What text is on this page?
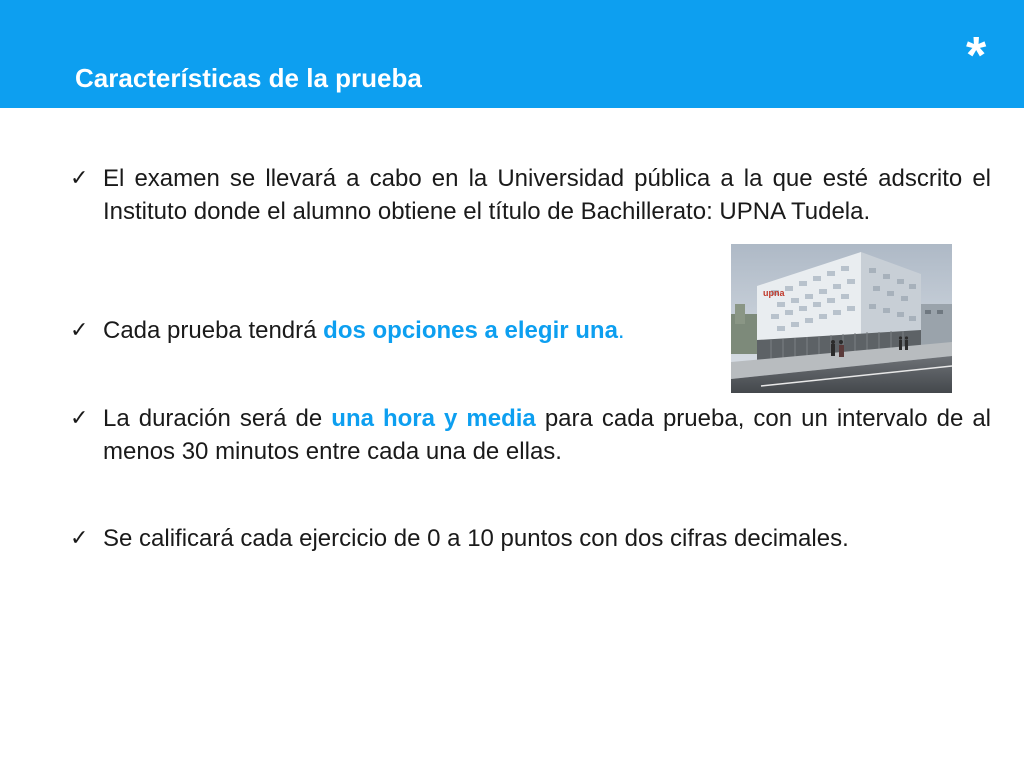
Características de la prueba	*
✓ El examen se llevará a cabo en la Universidad pública a la que esté adscrito el Instituto donde el alumno obtiene el título de Bachillerato: UPNA Tudela.
✓ Cada prueba tendrá dos opciones a elegir una.
✓ La duración será de una hora y media para cada prueba, con un intervalo de al menos 30 minutos entre cada una de ellas.
✓ Se calificará cada ejercicio de 0 a 10 puntos con dos cifras decimales.
upna
